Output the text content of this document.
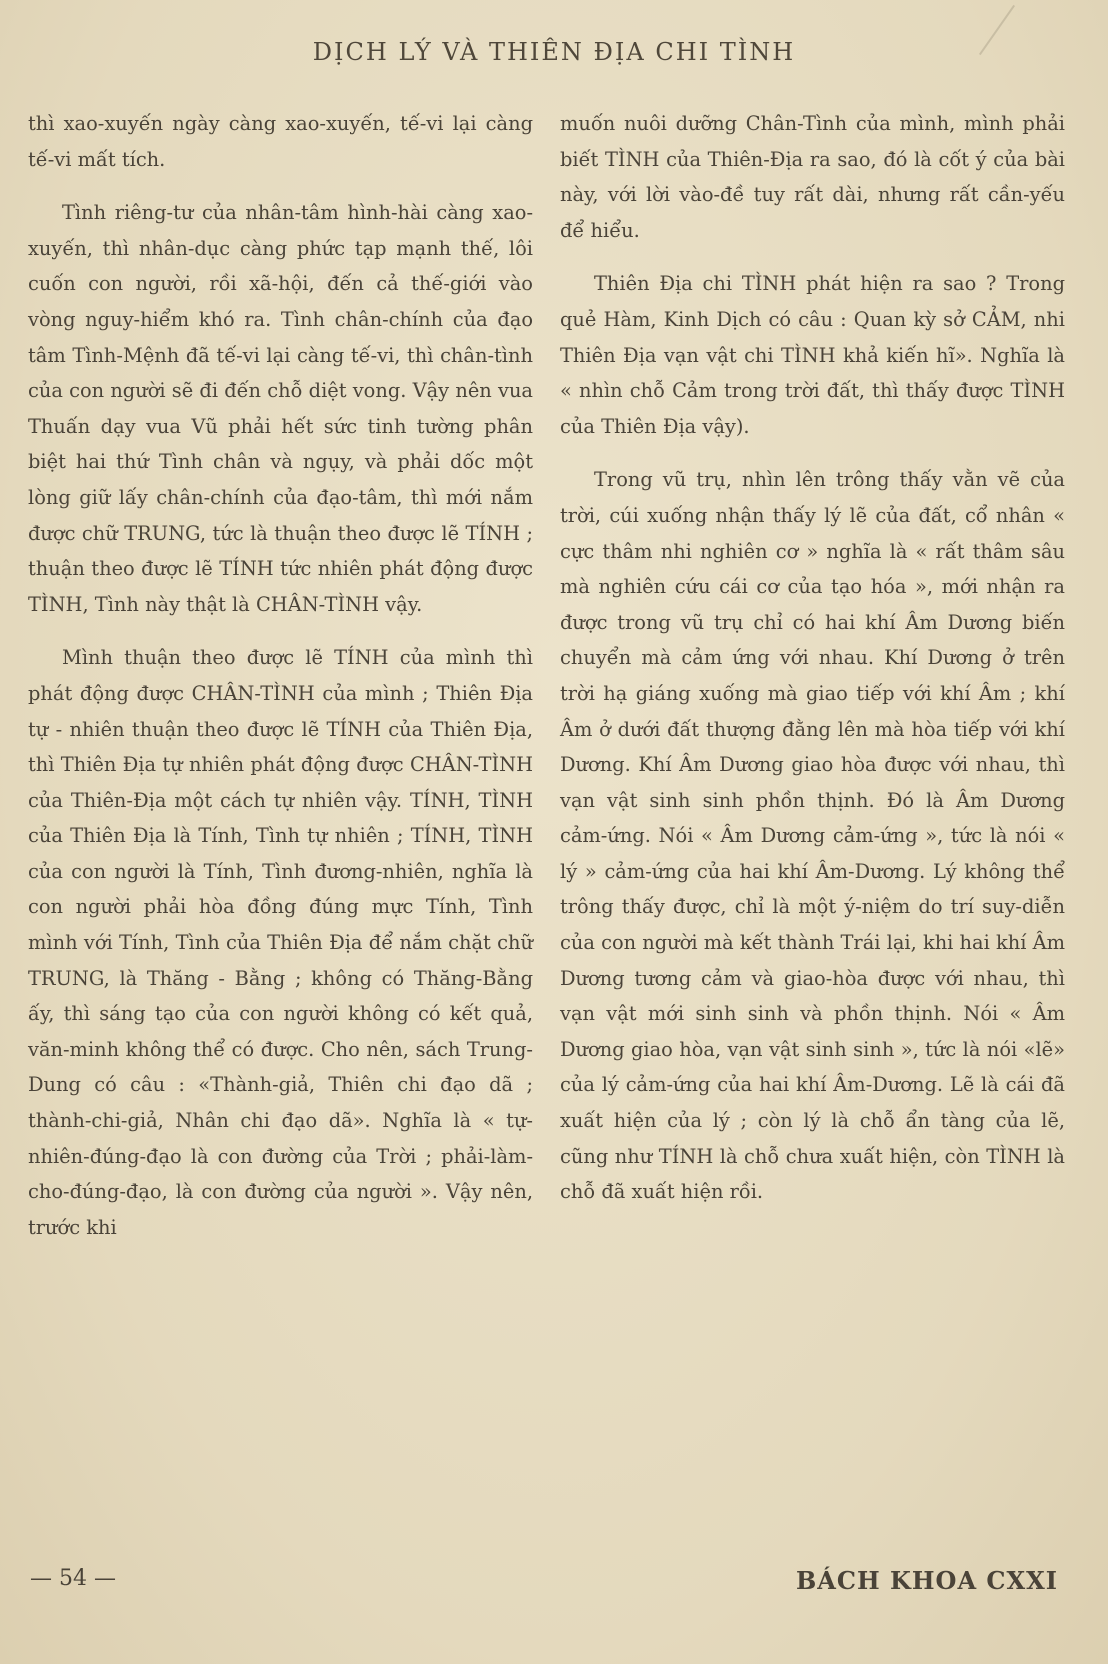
DỊCH LÝ VÀ THIÊN ĐỊA CHI TÌNH

thì xao-xuyến ngày càng xao-xuyến, tế-vi lại càng tế-vi mất tích.

Tình riêng-tư của nhân-tâm hình-hài càng xao-xuyến, thì nhân-dục càng phức tạp mạnh thế, lôi cuốn con người, rồi xã-hội, đến cả thế-giới vào vòng nguy-hiểm khó ra. Tình chân-chính của đạo tâm Tình-Mệnh đã tế-vi lại càng tế-vi, thì chân-tình của con người sẽ đi đến chỗ diệt vong. Vậy nên vua Thuấn dạy vua Vũ phải hết sức tinh tường phân biệt hai thứ Tình chân và ngụy, và phải dốc một lòng giữ lấy chân-chính của đạo-tâm, thì mới nắm được chữ TRUNG, tức là thuận theo được lẽ TÍNH ; thuận theo được lẽ TÍNH tức nhiên phát động được TÌNH, Tình này thật là CHÂN-TÌNH vậy.

Mình thuận theo được lẽ TÍNH của mình thì phát động được CHÂN-TÌNH của mình ; Thiên Địa tự - nhiên thuận theo được lẽ TÍNH của Thiên Địa, thì Thiên Địa tự nhiên phát động được CHÂN-TÌNH của Thiên-Địa một cách tự nhiên vậy. TÍNH, TÌNH của Thiên Địa là Tính, Tình tự nhiên ; TÍNH, TÌNH của con người là Tính, Tình đương-nhiên, nghĩa là con người phải hòa đồng đúng mực Tính, Tình mình với Tính, Tình của Thiên Địa để nắm chặt chữ TRUNG, là Thăng - Bằng ; không có Thăng-Bằng ấy, thì sáng tạo của con người không có kết quả, văn-minh không thể có được. Cho nên, sách Trung-Dung có câu : «Thành-giả, Thiên chi đạo dã ; thành-chi-giả, Nhân chi đạo dã». Nghĩa là « tự-nhiên-đúng-đạo là con đường của Trời ; phải-làm-cho-đúng-đạo, là con đường của người ». Vậy nên, trước khi

muốn nuôi dưỡng Chân-Tình của mình, mình phải biết TÌNH của Thiên-Địa ra sao, đó là cốt ý của bài này, với lời vào-đề tuy rất dài, nhưng rất cần-yếu để hiểu.

Thiên Địa chi TÌNH phát hiện ra sao ? Trong quẻ Hàm, Kinh Dịch có câu : Quan kỳ sở CẢM, nhi Thiên Địa vạn vật chi TÌNH khả kiến hĩ». Nghĩa là « nhìn chỗ Cảm trong trời đất, thì thấy được TÌNH của Thiên Địa vậy).

Trong vũ trụ, nhìn lên trông thấy vằn vẽ của trời, cúi xuống nhận thấy lý lẽ của đất, cổ nhân « cực thâm nhi nghiên cơ » nghĩa là « rất thâm sâu mà nghiên cứu cái cơ của tạo hóa », mới nhận ra được trong vũ trụ chỉ có hai khí Âm Dương biến chuyển mà cảm ứng với nhau. Khí Dương ở trên trời hạ giáng xuống mà giao tiếp với khí Âm ; khí Âm ở dưới đất thượng đằng lên mà hòa tiếp với khí Dương. Khí Âm Dương giao hòa được với nhau, thì vạn vật sinh sinh phồn thịnh. Đó là Âm Dương cảm-ứng. Nói « Âm Dương cảm-ứng », tức là nói « lý » cảm-ứng của hai khí Âm-Dương. Lý không thể trông thấy được, chỉ là một ý-niệm do trí suy-diễn của con người mà kết thành Trái lại, khi hai khí Âm Dương tương cảm và giao-hòa được với nhau, thì vạn vật mới sinh sinh và phồn thịnh. Nói « Âm Dương giao hòa, vạn vật sinh sinh », tức là nói «lẽ» của lý cảm-ứng của hai khí Âm-Dương. Lẽ là cái đã xuất hiện của lý ; còn lý là chỗ ẩn tàng của lẽ, cũng như TÍNH là chỗ chưa xuất hiện, còn TÌNH là chỗ đã xuất hiện rồi.

— 54 —	BÁCH KHOA CXXI
